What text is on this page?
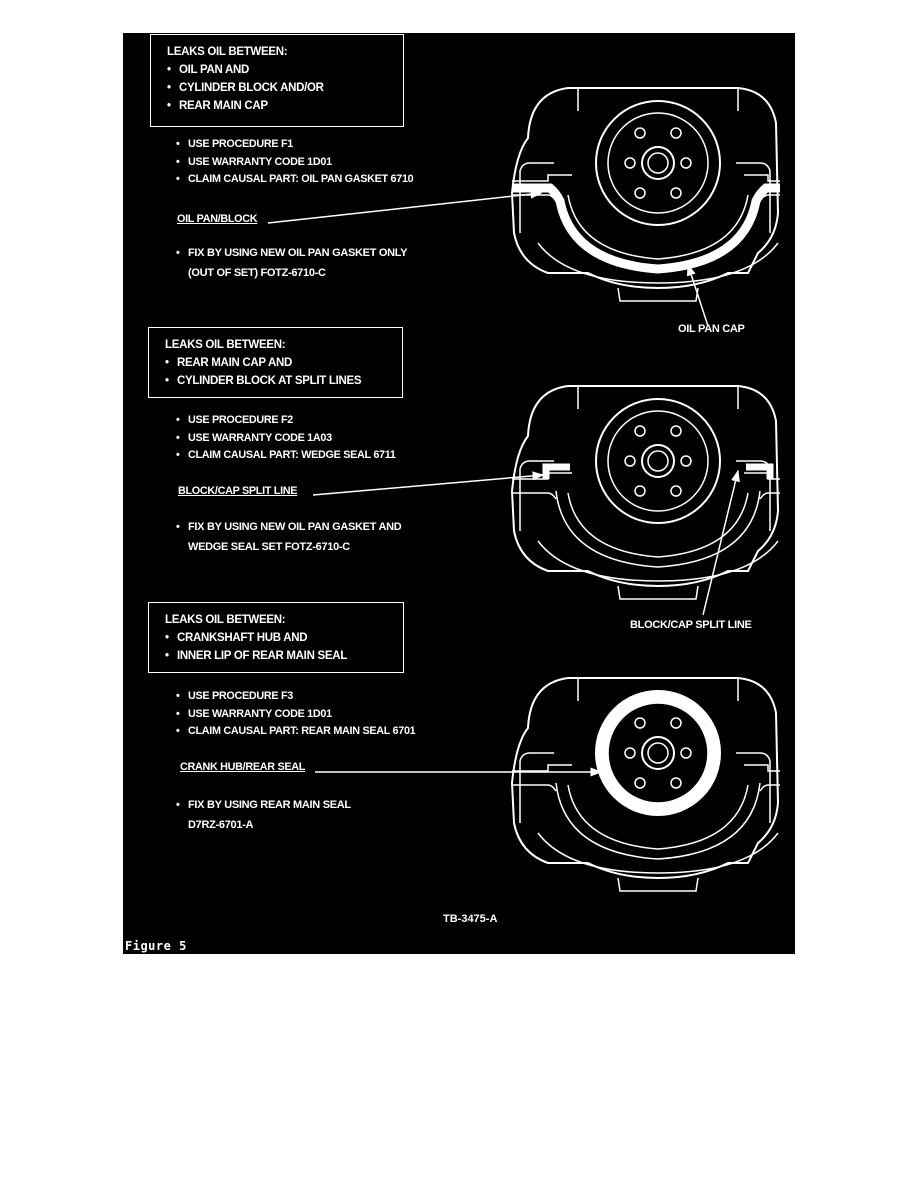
LEAKS OIL BETWEEN:
• OIL PAN AND
• CYLINDER BLOCK AND/OR
• REAR MAIN CAP
• USE PROCEDURE F1
• USE WARRANTY CODE 1D01
• CLAIM CAUSAL PART: OIL PAN GASKET 6710
OIL PAN/BLOCK
• FIX BY USING NEW OIL PAN GASKET ONLY
(OUT OF SET) FOTZ-6710-C
OIL PAN CAP
LEAKS OIL BETWEEN:
• REAR MAIN CAP AND
• CYLINDER BLOCK AT SPLIT LINES
• USE PROCEDURE F2
• USE WARRANTY CODE 1A03
• CLAIM CAUSAL PART: WEDGE SEAL 6711
BLOCK/CAP SPLIT LINE
• FIX BY USING NEW OIL PAN GASKET AND
WEDGE SEAL SET FOTZ-6710-C
BLOCK/CAP SPLIT LINE
LEAKS OIL BETWEEN:
• CRANKSHAFT HUB AND
• INNER LIP OF REAR MAIN SEAL
• USE PROCEDURE F3
• USE WARRANTY CODE 1D01
• CLAIM CAUSAL PART: REAR MAIN SEAL 6701
CRANK HUB/REAR SEAL
• FIX BY USING REAR MAIN SEAL
D7RZ-6701-A
TB-3475-A
Figure 5
